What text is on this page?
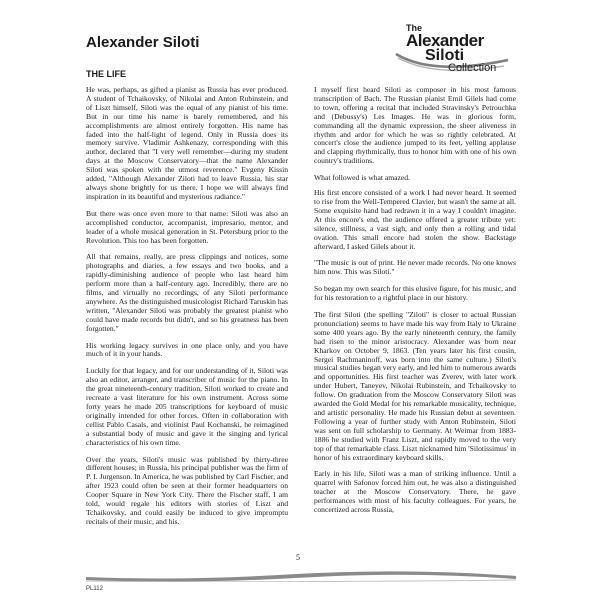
Alexander Siloti
The
Alexander
Siloti
Collection
THE LIFE

He was, perhaps, as gifted a pianist as Russia has ever produced. A student of Tchaikovsky, of Nikolai and Anton Rubinstein, and of Liszt himself, Siloti was the equal of any pianist of his time. But in our time his name is barely remembered, and his accomplishments are almost entirely forgotten. His name has faded into the half-light of legend. Only in Russia does its memory survive. Vladimir Ashkenazy, corresponding with this author, declared that "I very well remember—during my student days at the Moscow Conservatory—that the name Alexander Siloti was spoken with the utmost reverence." Evgeny Kissin added, "Although Alexander Ziloti had to leave Russia, his star always shone brightly for us there. I hope we will always find inspiration in its beautiful and mysterious radiance."

But there was once even more to that name: Siloti was also an accomplished conductor, accompanist, impresario, mentor, and leader of a whole musical generation in St. Petersburg prior to the Revolution. This too has been forgotten.

All that remains, really, are press clippings and notices, some photographs and diaries, a few essays and two books, and a rapidly-diminishing audience of people who last heard him perform more than a half-century ago. Incredibly, there are no films, and virtually no recordings, of any Siloti performance anywhere. As the distinguished musicologist Richard Taruskin has written, "Alexander Siloti was probably the greatest pianist who could have made records but didn't, and so his greatness has been forgotten."

His working legacy survives in one place only, and you have much of it in your hands.

Luckily for that legacy, and for our understanding of it, Siloti was also an editor, arranger, and transcriber of music for the piano. In the great nineteenth-century tradition, Siloti worked to create and recreate a vast literature for his own instrument. Across some forty years he made 205 transcriptions for keyboard of music originally intended for other forces. Often in collaboration with cellist Pablo Casals, and violinist Paul Kochanski, he reimagined a substantial body of music and gave it the singing and lyrical characteristics of his own time.

Over the years, Siloti's music was published by thirty-three different houses; in Russia, his principal publisher was the firm of P. I. Jurgenson. In America, he was published by Carl Fischer, and after 1923 could often be seen at their former headquarters on Cooper Square in New York City. There the Fischer staff, I am told, would regale his editors with stories of Liszt and Tchaikovsky, and could easily be induced to give impromptu recitals of their music, and his.

I myself first heard Siloti as composer in his most famous transcription of Bach. The Russian pianist Emil Gilels had come to town, offering a recital that included Stravinsky's Petrouchka and (Debussy's) Les Images. He was in glorious form, commanding all the dynamic expression, the sheer aliveness in rhythm and ardor for which he was so rightly celebrated. At concert's close the audience jumped to its feet, yelling applause and clapping rhythmically, thus to honor him with one of his own country's traditions.

What followed is what amazed.

His first encore consisted of a work I had never heard. It seemed to rise from the Well-Tempered Clavier, but wasn't the same at all. Some exquisite hand had redrawn it in a way I couldn't imagine. At this encore's end, the audience offered a greater tribute yet: silence, stillness, a vast sigh, and only then a rolling and tidal ovation. This small encore had stolen the show. Backstage afterward, I asked Gilels about it.

"The music is out of print. He never made records. No one knows him now. This was Siloti."

So began my own search for this elusive figure, for his music, and for his restoration to a rightful place in our history.

The first Siloti (the spelling "Ziloti" is closer to actual Russian pronunciation) seems to have made his way from Italy to Ukraine some 400 years ago. By the early nineteenth century, the family had risen to the minor aristocracy. Alexander was born near Kharkov on October 9, 1863. (Ten years later his first cousin, Sergei Rachmaninoff, was born into the same culture.) Siloti's musical studies began very early, and led him to numerous awards and opportunities. His first teacher was Zverev, with later work under Hubert, Taneyev, Nikolai Rubinstein, and Tchaikovsky to follow. On graduation from the Moscow Conservatory Siloti was awarded the Gold Medal for his remarkable musicality, technique, and artistic personality. He made his Russian debut at seventeen. Following a year of further study with Anton Rubinstein, Siloti was sent on full scholarship to Germany. At Weimar from 1883-1886 he studied with Franz Liszt, and rapidly moved to the very top of that remarkable class. Liszt nicknamed him 'Silotissimus' in honor of his extraordinary keyboard skills.

Early in his life, Siloti was a man of striking influence. Until a quarrel with Safonov forced him out, he was also a distinguished teacher at the Moscow Conservatory. There, he gave performances with most of his faculty colleagues. For years, he concertized across Russia,

5
PL112
